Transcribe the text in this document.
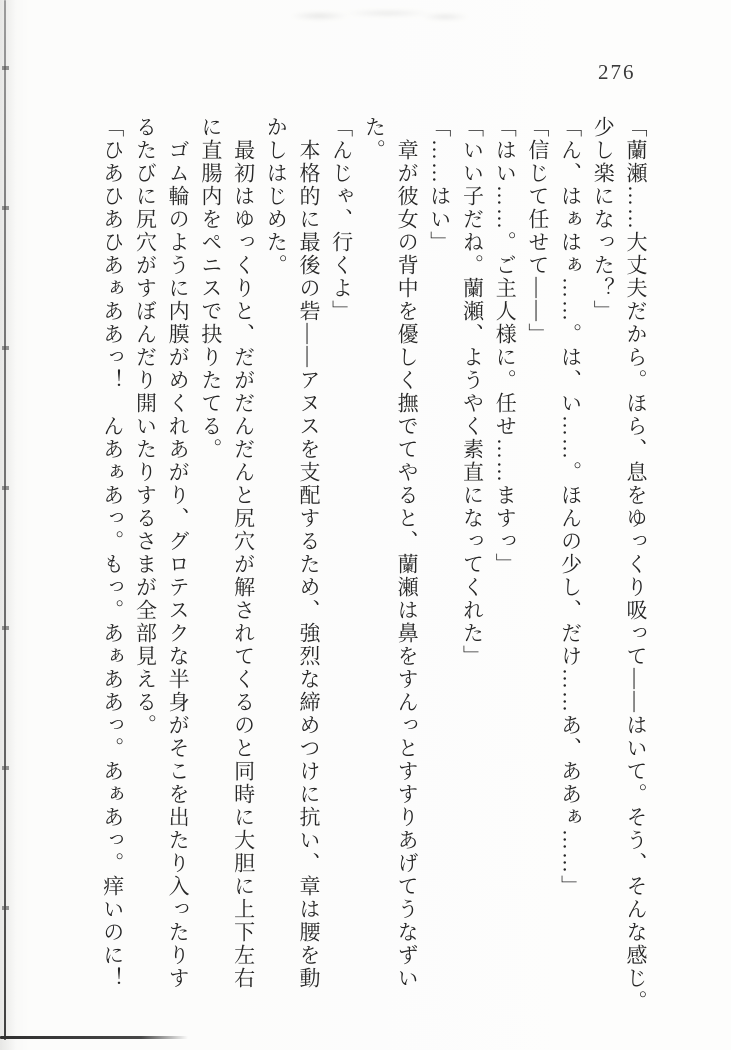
276
「蘭瀬……大丈夫だから。ほら、息をゆっくり吸って——はいて。そう、そんな感じ。
少し楽になった？」
「ん、はぁはぁ……。は、い……。ほんの少し、だけ……あ、ああぁ……」
「信じて任せて——」
「はい……。ご主人様に。任せ……ますっ」
「いい子だね。蘭瀬、ようやく素直になってくれた」
「……はい」
章が彼女の背中を優しく撫でてやると、蘭瀬は鼻をすんっとすすりあげてうなずい
た。
「んじゃ、行くよ」
本格的に最後の砦——アヌスを支配するため、強烈な締めつけに抗い、章は腰を動
かしはじめた。
最初はゆっくりと、だがだんだんと尻穴が解されてくるのと同時に大胆に上下左右
に直腸内をペニスで抉りたてる。
ゴム輪のように内膜がめくれあがり、グロテスクな半身がそこを出たり入ったりす
るたびに尻穴がすぼんだり開いたりするさまが全部見える。
「ひあひあひあぁああっ！　んあぁあっ。もっ。あぁああっ。あぁあっ。痒いのに！
